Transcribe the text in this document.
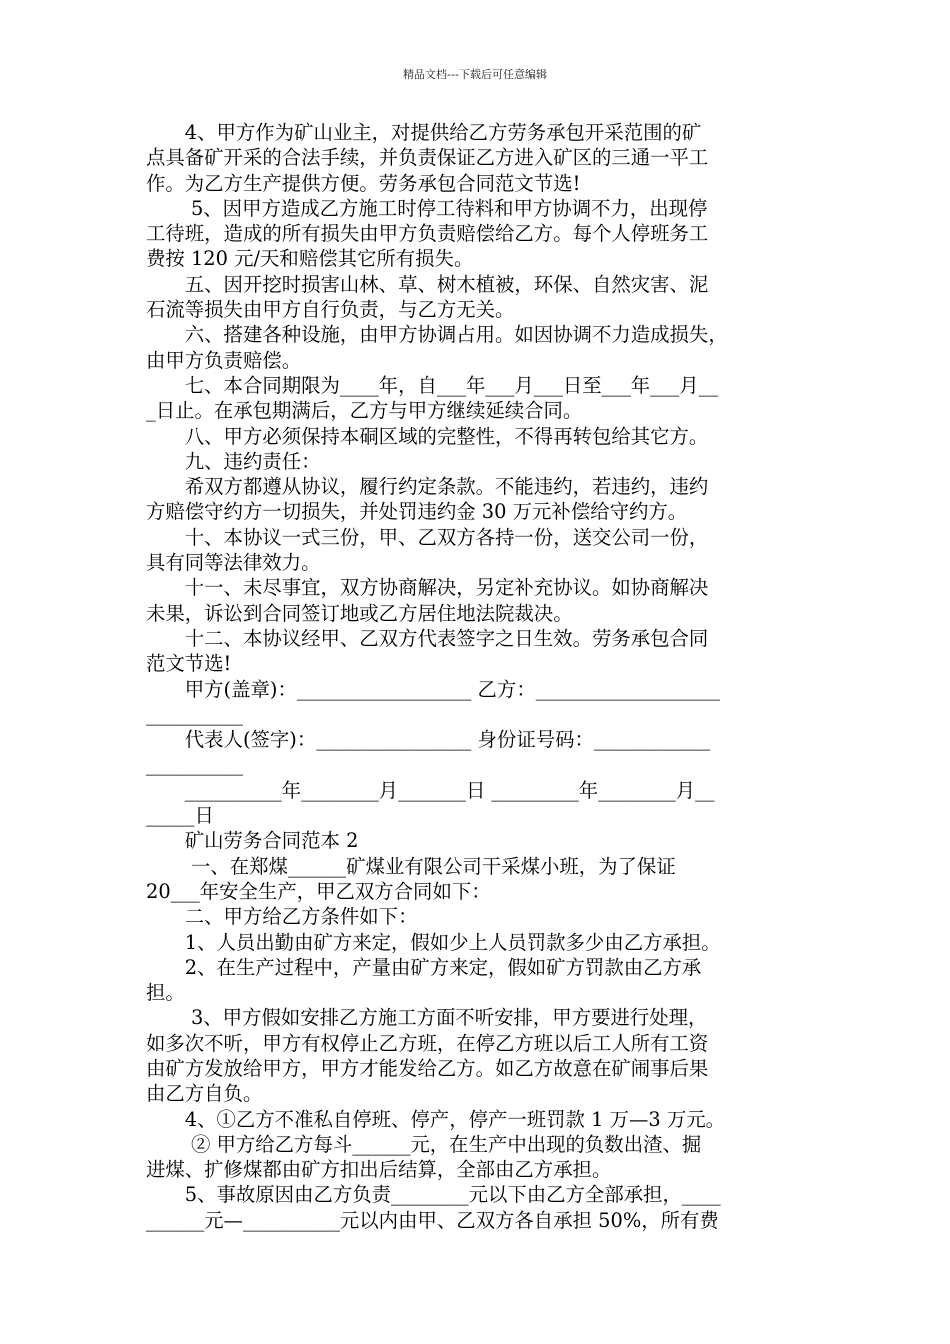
精品文档---下载后可任意编辑

　　4、甲方作为矿山业主，对提供给乙方劳务承包开采范围的矿

点具备矿开采的合法手续，并负责保证乙方进入矿区的三通一平工

作。为乙方生产提供方便。劳务承包合同范文节选!

　　 5、因甲方造成乙方施工时停工待料和甲方协调不力，出现停

工待班，造成的所有损失由甲方负责赔偿给乙方。每个人停班务工

费按 120 元/天和赔偿其它所有损失。

　　五、因开挖时损害山林、草、树木植被，环保、自然灾害、泥

石流等损失由甲方自行负责，与乙方无关。

　　六、搭建各种设施，由甲方协调占用。如因协调不力造成损失，

由甲方负责赔偿。

　　七、本合同期限为____年，自___年___月___日至___年___月__

_日止。在承包期满后，乙方与甲方继续延续合同。

　　八、甲方必须保持本硐区域的完整性，不得再转包给其它方。

　　九、违约责任：

　　希双方都遵从协议，履行约定条款。不能违约，若违约，违约

方赔偿守约方一切损失，并处罚违约金 30 万元补偿给守约方。

　　十、本协议一式三份，甲、乙双方各持一份，送交公司一份，

具有同等法律效力。

　　十一、未尽事宜，双方协商解决，另定补充协议。如协商解决

未果，诉讼到合同签订地或乙方居住地法院裁决。

　　十二、本协议经甲、乙双方代表签字之日生效。劳务承包合同

范文节选!

　　甲方(盖章)：__________________ 乙方：___________________

__________

　　代表人(签字)：________________ 身份证号码：____________

__________

　　__________年________月_______日 _________年________月__

_____日

　　矿山劳务合同范本 2

　　 一、在郑煤______矿煤业有限公司干采煤小班，为了保证

20___年安全生产，甲乙双方合同如下：

　　二、甲方给乙方条件如下：

　　1、人员出勤由矿方来定，假如少上人员罚款多少由乙方承担。

　　2、在生产过程中，产量由矿方来定，假如矿方罚款由乙方承

担。

　　 3、甲方假如安排乙方施工方面不听安排，甲方要进行处理，

如多次不听，甲方有权停止乙方班，在停乙方班以后工人所有工资

由矿方发放给甲方，甲方才能发给乙方。如乙方故意在矿闹事后果

由乙方自负。

　　4、①乙方不准私自停班、停产，停产一班罚款 1 万—3 万元。

　　 ② 甲方给乙方每斗______元，在生产中出现的负数出渣、掘

进煤、扩修煤都由矿方扣出后结算，全部由乙方承担。

　　5、事故原因由乙方负责________元以下由乙方全部承担，____

______元—__________元以内由甲、乙双方各自承担 50%，所有费
